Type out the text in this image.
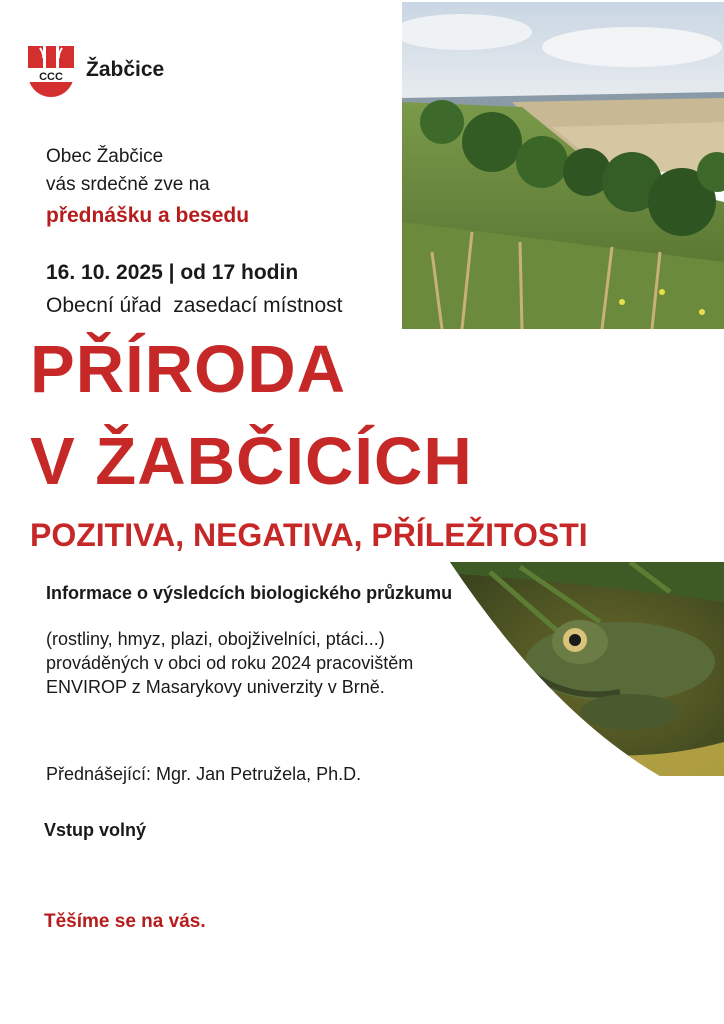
CCC Žabčice
Obec Žabčice
vás srdečně zve na
přednášku a besedu
16. 10. 2025 | od 17 hodin
Obecní úřad  zasedací místnost
PŘÍRODA
V ŽABČICÍCH
POZITIVA, NEGATIVA, PŘÍLEŽITOSTI
Informace o výsledcích biologického průzkumu
(rostliny, hmyz, plazi, obojživelníci, ptáci...)
prováděných v obci od roku 2024 pracovištěm
ENVIROP z Masarykovy univerzity v Brně.
Přednášející: Mgr. Jan Petružela, Ph.D.
Vstup volný
Těšíme se na vás.
